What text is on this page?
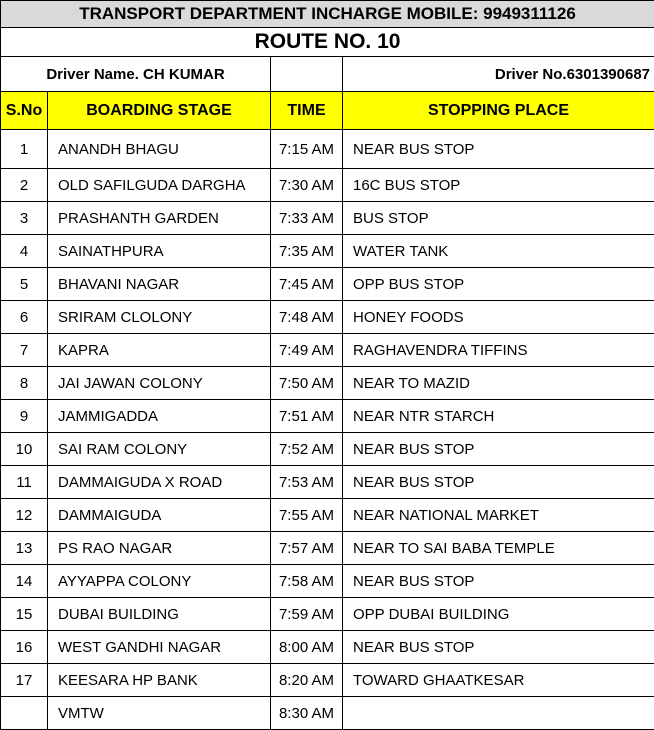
TRANSPORT DEPARTMENT INCHARGE MOBILE: 9949311126			
ROUTE NO. 10			
Driver Name. CH KUMAR			Driver No.6301390687
S.No	BOARDING STAGE	TIME	STOPPING PLACE
1	ANANDH BHAGU	7:15 AM	NEAR BUS STOP
2	OLD SAFILGUDA DARGHA	7:30 AM	16C BUS STOP
3	PRASHANTH GARDEN	7:33 AM	BUS STOP
4	SAINATHPURA	7:35 AM	WATER TANK
5	BHAVANI NAGAR	7:45 AM	OPP BUS STOP
6	SRIRAM CLOLONY	7:48 AM	HONEY FOODS
7	KAPRA	7:49 AM	RAGHAVENDRA TIFFINS
8	JAI JAWAN COLONY	7:50 AM	NEAR TO MAZID
9	JAMMIGADDA	7:51 AM	NEAR NTR STARCH
10	SAI RAM COLONY	7:52 AM	NEAR BUS STOP
11	DAMMAIGUDA X ROAD	7:53 AM	NEAR BUS STOP
12	DAMMAIGUDA	7:55 AM	NEAR NATIONAL MARKET
13	PS RAO NAGAR	7:57 AM	NEAR TO SAI BABA TEMPLE
14	AYYAPPA COLONY	7:58 AM	NEAR BUS STOP
15	DUBAI BUILDING	7:59 AM	OPP DUBAI BUILDING
16	WEST GANDHI NAGAR	8:00 AM	NEAR BUS STOP
17	KEESARA HP BANK	8:20 AM	TOWARD GHAATKESAR
	VMTW	8:30 AM	
